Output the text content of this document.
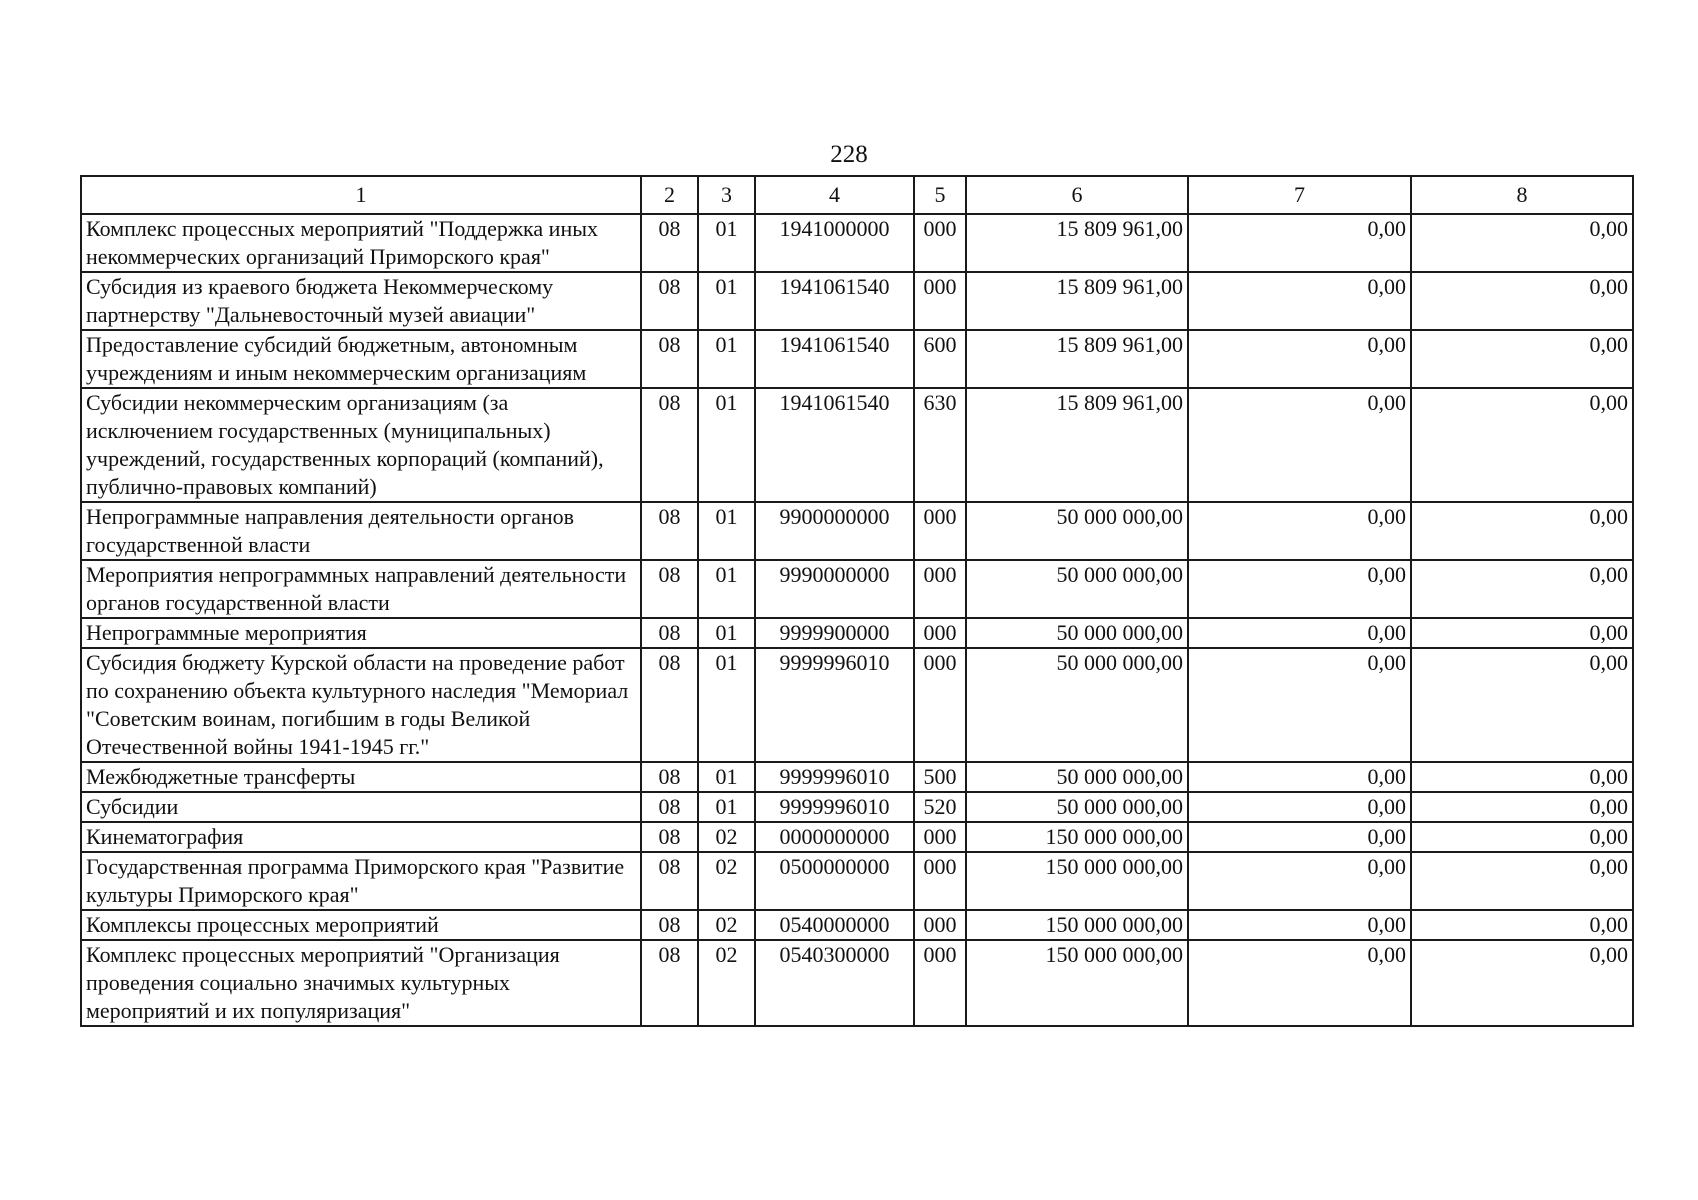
228
1	2	3	4	5	6	7	8
Комплекс процессных мероприятий "Поддержка иных некоммерческих организаций Приморского края"	08	01	1941000000	000	15 809 961,00	0,00	0,00
Субсидия из краевого бюджета Некоммерческому партнерству "Дальневосточный музей авиации"	08	01	1941061540	000	15 809 961,00	0,00	0,00
Предоставление субсидий бюджетным, автономным учреждениям и иным некоммерческим организациям	08	01	1941061540	600	15 809 961,00	0,00	0,00
Субсидии некоммерческим организациям (за исключением государственных (муниципальных) учреждений, государственных корпораций (компаний), публично-правовых компаний)	08	01	1941061540	630	15 809 961,00	0,00	0,00
Непрограммные направления деятельности органов государственной власти	08	01	9900000000	000	50 000 000,00	0,00	0,00
Мероприятия непрограммных направлений деятельности органов государственной власти	08	01	9990000000	000	50 000 000,00	0,00	0,00
Непрограммные мероприятия	08	01	9999900000	000	50 000 000,00	0,00	0,00
Субсидия бюджету Курской области на проведение работ по сохранению объекта культурного наследия "Мемориал "Советским воинам, погибшим в годы Великой Отечественной войны 1941-1945 гг."	08	01	9999996010	000	50 000 000,00	0,00	0,00
Межбюджетные трансферты	08	01	9999996010	500	50 000 000,00	0,00	0,00
Субсидии	08	01	9999996010	520	50 000 000,00	0,00	0,00
Кинематография	08	02	0000000000	000	150 000 000,00	0,00	0,00
Государственная программа Приморского края "Развитие культуры Приморского края"	08	02	0500000000	000	150 000 000,00	0,00	0,00
Комплексы процессных мероприятий	08	02	0540000000	000	150 000 000,00	0,00	0,00
Комплекс процессных мероприятий "Организация проведения социально значимых культурных мероприятий и их популяризация"	08	02	0540300000	000	150 000 000,00	0,00	0,00
